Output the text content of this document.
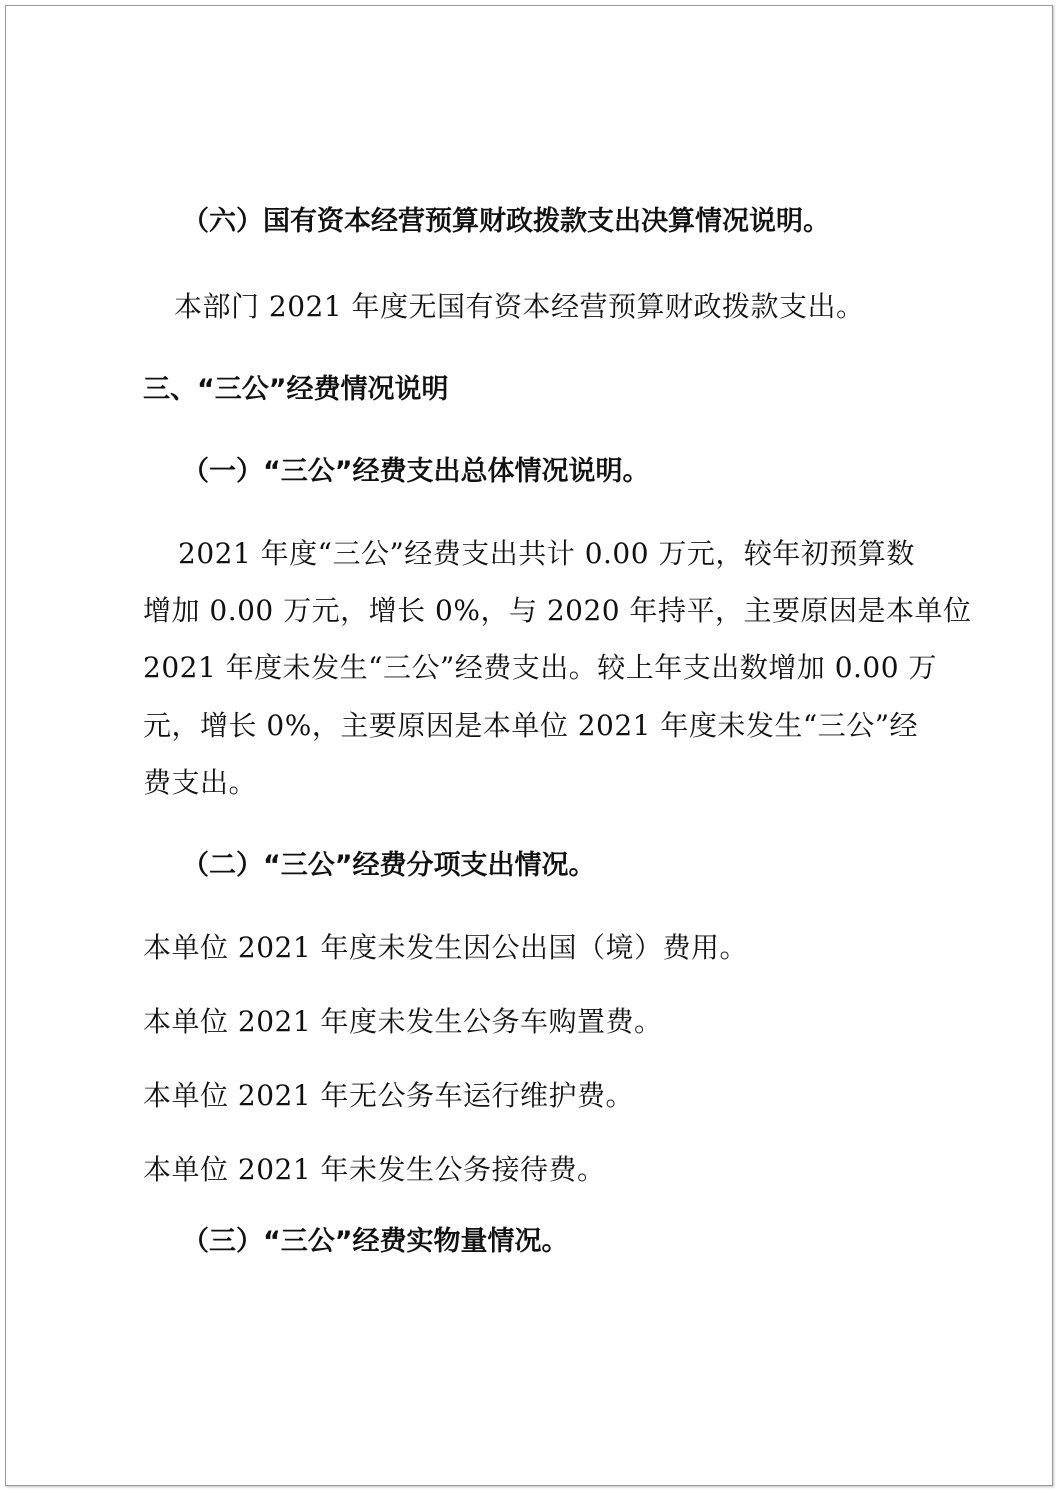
（六）国有资本经营预算财政拨款支出决算情况说明。
本部门 2021 年度无国有资本经营预算财政拨款支出。
三、“三公”经费情况说明
（一）“三公”经费支出总体情况说明。
2021 年度“三公”经费支出共计 0.00 万元，较年初预算数
增加 0.00 万元，增长 0%，与 2020 年持平，主要原因是本单位
2021 年度未发生“三公”经费支出。较上年支出数增加 0.00 万
元，增长 0%，主要原因是本单位 2021 年度未发生“三公”经
费支出。
（二）“三公”经费分项支出情况。
本单位 2021 年度未发生因公出国（境）费用。
本单位 2021 年度未发生公务车购置费。
本单位 2021 年无公务车运行维护费。
本单位 2021 年未发生公务接待费。
（三）“三公”经费实物量情况。
